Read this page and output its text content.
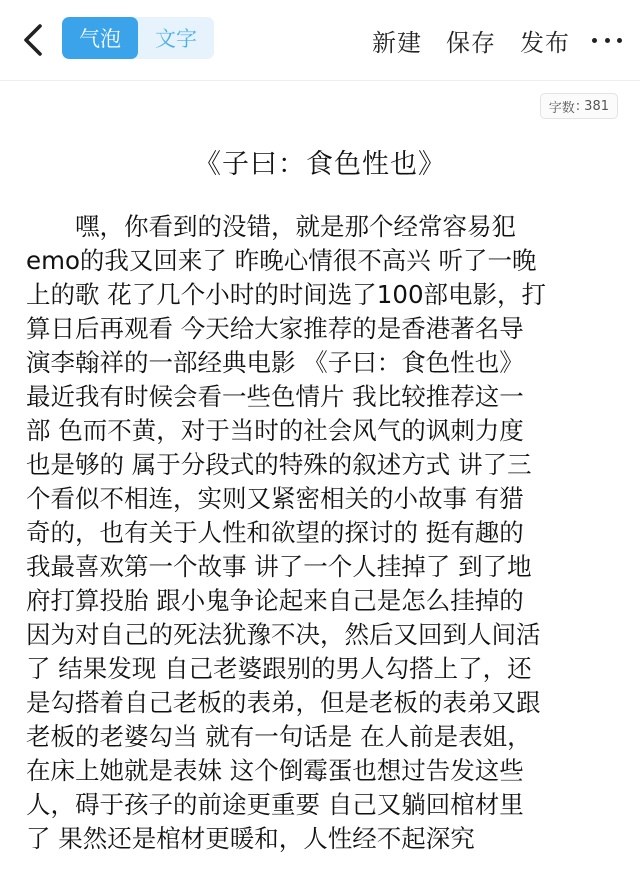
气泡	文字	新建 保存 发布
字数 : 381
《子曰：食色性也》
　　嘿，你看到的没错，就是那个经常容易犯
emo的我又回来了 昨晚心情很不高兴 听了一晚
上的歌 花了几个小时的时间选了100部电影，打
算日后再观看 今天给大家推荐的是香港著名导
演李翰祥的一部经典电影 《子曰：食色性也》
最近我有时候会看一些色情片 我比较推荐这一
部 色而不黄，对于当时的社会风气的讽刺力度
也是够的 属于分段式的特殊的叙述方式 讲了三
个看似不相连，实则又紧密相关的小故事 有猎
奇的，也有关于人性和欲望的探讨的 挺有趣的
我最喜欢第一个故事 讲了一个人挂掉了 到了地
府打算投胎 跟小鬼争论起来自己是怎么挂掉的
因为对自己的死法犹豫不决，然后又回到人间活
了 结果发现 自己老婆跟别的男人勾搭上了，还
是勾搭着自己老板的表弟，但是老板的表弟又跟
老板的老婆勾当 就有一句话是 在人前是表姐，
在床上她就是表妹 这个倒霉蛋也想过告发这些
人，碍于孩子的前途更重要 自己又躺回棺材里
了 果然还是棺材更暖和，人性经不起深究
